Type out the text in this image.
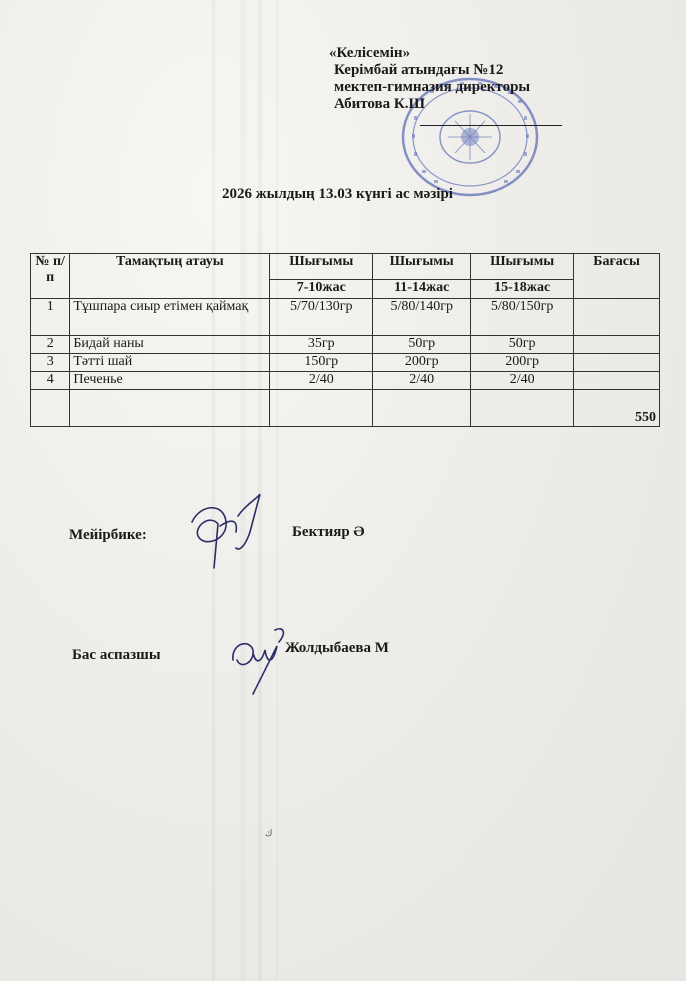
«Келісемін»
Керімбай атындағы №12
мектеп-гимназия директоры
Абитова К.Ш
2026 жылдың 13.03 күнгі ас мәзірі
№ п/п	Тамақтың атауы	Шығымы	Шығымы	Шығымы	Бағасы
		7-10жас	11-14жас	15-18жас	
1	Тұшпара сиыр етімен қаймақ	5/70/130гр	5/80/140гр	5/80/150гр	
2	Бидай наны	35гр	50гр	50гр	
3	Тәтті шай	150гр	200гр	200гр	
4	Печенье	2/40	2/40	2/40	
					550
Мейірбике:	Бектияр Ә
Бас аспазшы	Жолдыбаева М
ك
